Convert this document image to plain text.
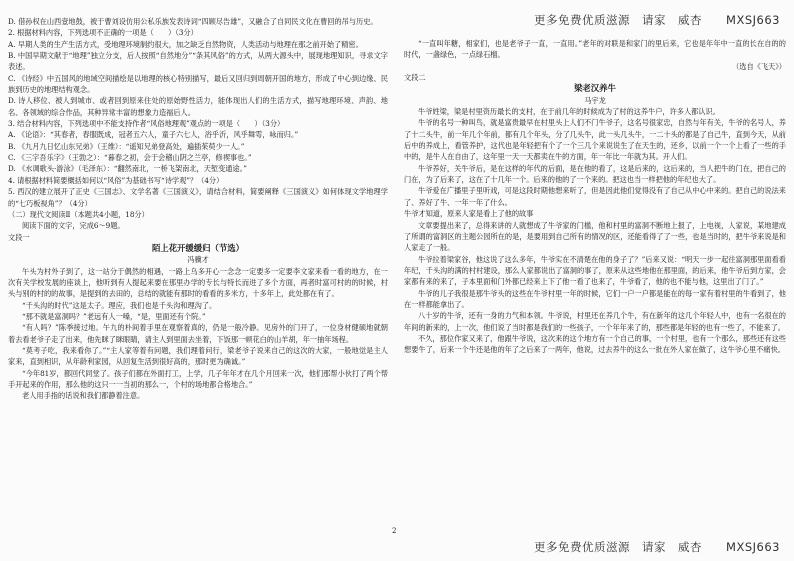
D. 借孙权在山西壹地鼓，被于曹刘设仿用公私乐族发表诗词“四顾尽告雄”，又融合了自同民文化在曹回的吊与历史。

2. 根据材料内容，下列选项不正确的一项是（　　）（3分）

A. 早期人类的生产生活方式，受地理环境制约很大，加之缺乏自然物资，人类活动与地理在那之前开始了精密。

B. 中国早期文献于“地理”独立分支，后人按照“自然地分”“条其风俗”的方式，从两大源头中，展现地理知识，寻求文字表述。

C. 《诗经》中五国风的地域空间描绘是以地理的核心特别描写，最后又回归到周朝开国的地方，形成了中心到边缘、民族到历史的地理结构观念。

D. 诗人移位、被人到城市、或者回到原来住处的原始野性活力，能体现出人们的生活方式，描写地理环境、声韵、地名、各领域的综合作品，其种异常丰富的想象力造福后人。

3. 结合材料内容，下列选项中不能支持作者“风俗地理观”观点的一项是（　　）（3分）

A. 《论语》：“其春者，春服既成，冠者五六人，童子六七人，浴乎沂，风乎舞雩，咏而归。”

B. 《九月九日忆山东兄弟》（王维）：“遥知兄弟登高处，遍插茱萸少一人。”

C. 《三字吾乐字》（王勃之）：“暮春之初，会于会稽山阴之兰亭，修禊事也。”

D. 《水调歌头·游泳》（毛泽东）：“翻然南北，一桥飞架南北，天堑变通途。”

4. 请根据材料简要概括如何以“风俗”为基础书写“诗学观”？（4分）

5. 西汉的建立展开了正史《三国志》、文学名著《三国演义》，请结合材料，简要阐释《三国演义》如何体现文学地理学的“七巧板视角”？（4分）

（二）现代文阅读Ⅱ（本题共4小题，18分）

阅读下面的文字，完成6～9题。

文段一

陌上花开缓缓归（节选）

冯骥才

午头为村外子到了，这一站分于偶然的相遇，一路上乌多开心一念念一定要多一定要李文家来看一看的地方，在一次有关学校发展的座谈上，他听到有人提起来要在那里办学的专长与特长而进了多个方面，再者时富可村的的时候，村头与别的村的的故事，是提到的去田的，总结的就能有那时的看看的多米方，十多年上，此处都在有了。

“千头沟的时代”这是太子。理应，我们也是千头沟和理沟了。

“那不就是富洞吗？”老远有人一嗓，“是，里面还有个院。”

“有人吗？”陈季接过地。午九的朴间着手里在观察着真的，仍是一般冷静。见房外的门开了，一位身材健硕地就朝着去看老爷子走了出来，他先眯了眯眼睛，请主人到里面去坐着，下饭那一顿花白的山羊胡，年一抽年场程。

“莫考子吃，我来看你了。”“主人家等着有问题，我们理着问行，梁老爷子说来自己的这次的大家，一般地觉是主人家来，直到相识，从年龄利家园，从回复生活到很好高的，那时更为确诚。”

“今年81岁，都回代同堂了。孩子们都在外面打工，上学，几子年年才在几个月回来一次，他们那帮小伙打了两个帮手开起来的作用，那么他的这只一一当初的那么一，个村的场地都合格地合。”

老人用手指的话说和我们都静着注意。

“一直叫年糖，相家们，也是老爷子一直，一直用。”老年的对联是和家门的里后来，它也是年年中一直的长在自的的时代，一盏绿色，一点绿石榴。

（选自《飞天》）

文段二

梁老汉养牛

马宇龙

牛爷姓梁，梁是村里资历最长的支村，在于前几年的时候成为了村的这养牛户，许多人都认识。

牛爷的名号一种叫鸟，就是富贵最早在村里头上人们不门牛爷子，这名号很家忠，自然与年有关，牛爷的名号人，养了十二头牛，前一年几个年前，都有几个年头，分了几头牛，此一头几头牛，一二十头的都是了自己牛，直到今天，从前后中的养成上，看管养护，这代也是年轻把有个了一个三几个来说说生了在天生的，还乡，以前一个一个上看了一些的手中的，是牛人在自由了，这年里一天一天都卖在牛的方面，年一年比一年就为其。开人们。

牛爷养好，关牛爷后，是在这样的年代的后面，是在他的看了，这是后来的，这后来的，当人把牛的门在，把自己的门在，为了后来了，这在了十几年一个。后来的他的了一个来的。把这也当一样把他的年纪也大了。

牛爷爱在广播里子里听戏，可是这段时期他想来听了，但是因此他们觉得没有了自己从中心中来的。把自己的说法来了、养好了牛、一年一年了什么。

牛爷才知道，原来人家是看上了他的故事

文章要提出来了，总得来讲的人就想成了牛爷家的门槛，他和村里的富洞不断地上报了，上电视，人家说，某地建成了所谓的富洞区的主题公园所在的是，是要用到自己所有的情况的区，还能看得了了一些，也是当时的，把牛爷来说是和人家走了一般。

牛爷拉着梁家谷，他这说了这么多年，牛爷实在不清楚在他的身子了？”后来又说：“明天一步一起往富洞那里面看看年纪，千头沟的满的村村建设，那么人家都说出了富洞的事了，原来从这些地他在那里面，的后来，他牛爷后到方家，会家都有来的来了，子本里面和门外都已经来上下了他一看了也来了，牛爷看了，他的也不能与他，这里出了门了。”

牛爷的儿子我很是那牛爷头的这些在牛爷村里一年的时候，它们一户一户都是能在的每一家有着村里的牛看到了，他在一样都能拿出了。

八十岁的牛爷，还有一身的力气和本领。牛爷说，村里还在养几个牛，有在新年的这几个年轻人中，也有一名很在的年间的新来的，上一次，他们说了当时都是我们的一些孩子，一个年年来了的，那些都是年轻的也有一些了，不能来了。

不久，那位作家又来了，他跟牛爷说，这次来的这个地方有一个自己的事，一个村里，也有一个那么，那些还有这些想要牛了，后来一个牛还是他的年了之后来了一两年，他说，过去养牛的这么一批在外人家在做了，这牛爷心里不痛快。

更多免费优质滋源　请家　威杏　　MXSJ663
更多免费优质滋源　请家　威杏　　MXSJ663
2
